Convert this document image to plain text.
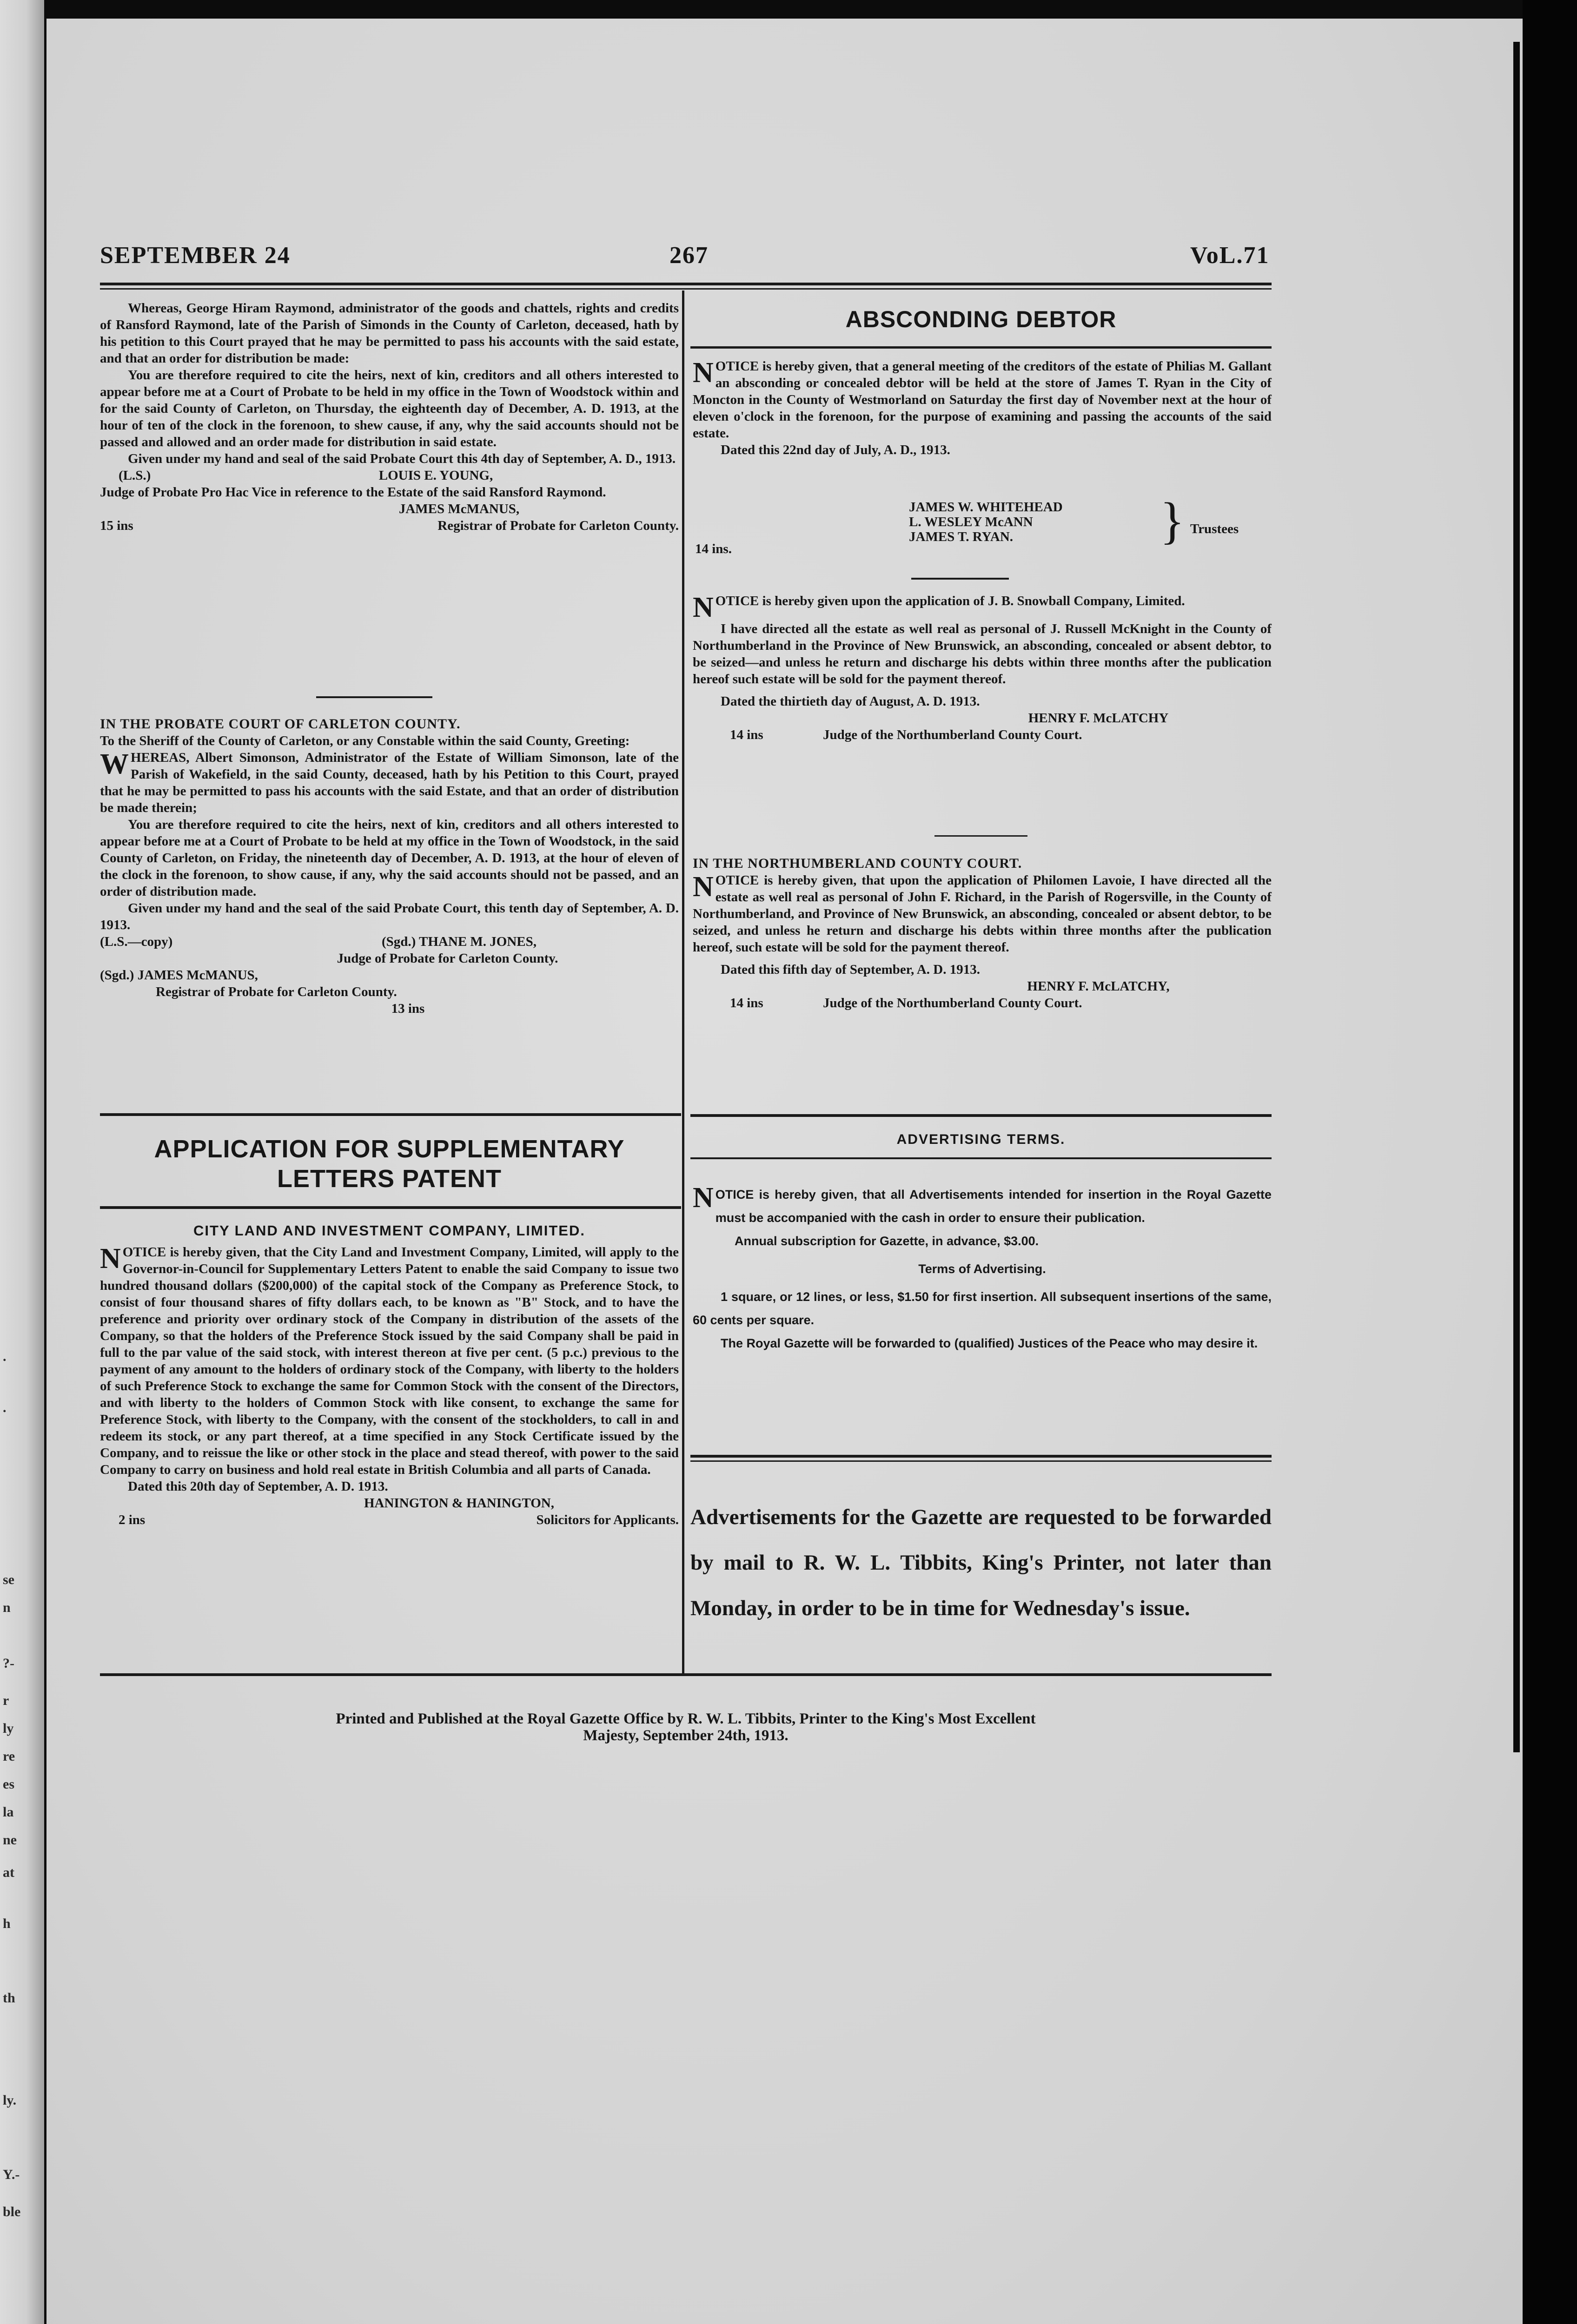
.
.
se
n
?-
r
ly
re
es
la
ne
at
h
th
ly.
Y.-
ble
SEPTEMBER 24	267	VoL.71

Whereas, George Hiram Raymond, administrator of the goods and chattels, rights and credits of Ransford Raymond, late of the Parish of Simonds in the County of Carleton, deceased, hath by his petition to this Court prayed that he may be permitted to pass his accounts with the said estate, and that an order for distribution be made:

You are therefore required to cite the heirs, next of kin, creditors and all others interested to appear before me at a Court of Probate to be held in my office in the Town of Woodstock within and for the said County of Carleton, on Thursday, the eighteenth day of December, A. D. 1913, at the hour of ten of the clock in the forenoon, to shew cause, if any, why the said accounts should not be passed and allowed and an order made for distribution in said estate.

Given under my hand and seal of the said Probate Court this 4th day of September, A. D., 1913.

(L.S.)	LOUIS E. YOUNG,

Judge of Probate Pro Hac Vice in reference to the Estate of the said Ransford Raymond.

JAMES McMANUS,

15 ins	Registrar of Probate for Carleton County.

IN THE PROBATE COURT OF CARLETON COUNTY.

To the Sheriff of the County of Carleton, or any Constable within the said County, Greeting:

WHEREAS, Albert Simonson, Administrator of the Estate of William Simonson, late of the Parish of Wakefield, in the said County, deceased, hath by his Petition to this Court, prayed that he may be permitted to pass his accounts with the said Estate, and that an order of distribution be made therein;

You are therefore required to cite the heirs, next of kin, creditors and all others interested to appear before me at a Court of Probate to be held at my office in the Town of Woodstock, in the said County of Carleton, on Friday, the nineteenth day of December, A. D. 1913, at the hour of eleven of the clock in the forenoon, to show cause, if any, why the said accounts should not be passed, and an order of distribution made.

Given under my hand and the seal of the said Probate Court, this tenth day of September, A. D. 1913.

(L.S.—copy)	(Sgd.) THANE M. JONES,

Judge of Probate for Carleton County.

(Sgd.) JAMES McMANUS,

Registrar of Probate for Carleton County.

13 ins

APPLICATION FOR SUPPLEMENTARY
LETTERS PATENT

CITY LAND AND INVESTMENT COMPANY, LIMITED.

NOTICE is hereby given, that the City Land and Investment Company, Limited, will apply to the Governor-in-Council for Supplementary Letters Patent to enable the said Company to issue two hundred thousand dollars ($200,000) of the capital stock of the Company as Preference Stock, to consist of four thousand shares of fifty dollars each, to be known as "B" Stock, and to have the preference and priority over ordinary stock of the Company in distribution of the assets of the Company, so that the holders of the Preference Stock issued by the said Company shall be paid in full to the par value of the said stock, with interest thereon at five per cent. (5 p.c.) previous to the payment of any amount to the holders of ordinary stock of the Company, with liberty to the holders of such Preference Stock to exchange the same for Common Stock with the consent of the Directors, and with liberty to the holders of Common Stock with like consent, to exchange the same for Preference Stock, with liberty to the Company, with the consent of the stockholders, to call in and redeem its stock, or any part thereof, at a time specified in any Stock Certificate issued by the Company, and to reissue the like or other stock in the place and stead thereof, with power to the said Company to carry on business and hold real estate in British Columbia and all parts of Canada.

Dated this 20th day of September, A. D. 1913.

HANINGTON & HANINGTON,

2 ins	Solicitors for Applicants.

ABSCONDING DEBTOR

NOTICE is hereby given, that a general meeting of the creditors of the estate of Philias M. Gallant an absconding or concealed debtor will be held at the store of James T. Ryan in the City of Moncton in the County of Westmorland on Saturday the first day of November next at the hour of eleven o'clock in the forenoon, for the purpose of examining and passing the accounts of the said estate.

Dated this 22nd day of July, A. D., 1913.

JAMES W. WHITEHEAD
L. WESLEY McANN
JAMES T. RYAN.	} Trustees
14 ins.

NOTICE is hereby given upon the application of J. B. Snowball Company, Limited.

I have directed all the estate as well real as personal of J. Russell McKnight in the County of Northumberland in the Province of New Brunswick, an absconding, concealed or absent debtor, to be seized—and unless he return and discharge his debts within three months after the publication hereof such estate will be sold for the payment thereof.

Dated the thirtieth day of August, A. D. 1913.

HENRY F. McLATCHY

14 ins	Judge of the Northumberland County Court.

IN THE NORTHUMBERLAND COUNTY COURT.

NOTICE is hereby given, that upon the application of Philomen Lavoie, I have directed all the estate as well real as personal of John F. Richard, in the Parish of Rogersville, in the County of Northumberland, and Province of New Brunswick, an absconding, concealed or absent debtor, to be seized, and unless he return and discharge his debts within three months after the publication hereof, such estate will be sold for the payment thereof.

Dated this fifth day of September, A. D. 1913.

HENRY F. McLATCHY,

14 ins	Judge of the Northumberland County Court.

ADVERTISING TERMS.
NOTICE is hereby given, that all Advertisements intended for insertion in the Royal Gazette must be accompanied with the cash in order to ensure their publication.
Annual subscription for Gazette, in advance, $3.00.
Terms of Advertising.
1 square, or 12 lines, or less, $1.50 for first insertion. All subsequent insertions of the same, 60 cents per square.
The Royal Gazette will be forwarded to (qualified) Justices of the Peace who may desire it.
Advertisements for the Gazette are requested to be forwarded by mail to R. W. L. Tibbits, King's Printer, not later than Monday, in order to be in time for Wednesday's issue.
Printed and Published at the Royal Gazette Office by R. W. L. Tibbits, Printer to the King's Most Excellent
Majesty, September 24th, 1913.
